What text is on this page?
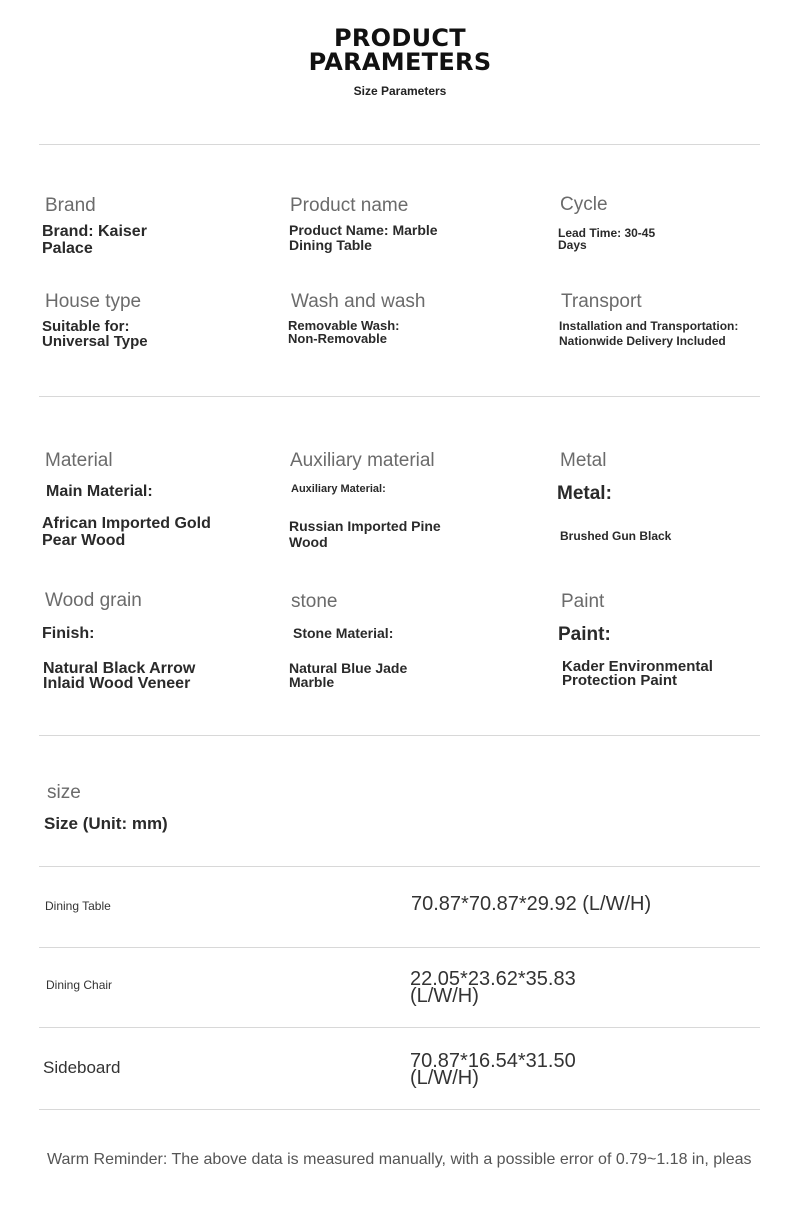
PRODUCT
PARAMETERS
Size Parameters
Brand
Brand: Kaiser
Palace
Product name
Product Name: Marble
Dining Table
Cycle
Lead Time: 30-45
Days
House type
Suitable for:
Universal Type
Wash and wash
Removable Wash:
Non-Removable
Transport
Installation and Transportation:
Nationwide Delivery Included
Material
Main Material:
African Imported Gold
Pear Wood
Auxiliary material
Auxiliary Material:
Russian Imported Pine
Wood
Metal
Metal:
Brushed Gun Black
Wood grain
Finish:
Natural Black Arrow
Inlaid Wood Veneer
stone
Stone Material:
Natural Blue Jade
Marble
Paint
Paint:
Kader Environmental
Protection Paint
size
Size (Unit: mm)
Dining Table	70.87*70.87*29.92 (L/W/H)
Dining Chair	22.05*23.62*35.83
(L/W/H)
Sideboard	70.87*16.54*31.50
(L/W/H)
Warm Reminder: The above data is measured manually, with a possible error of 0.79~1.18 in, pleas
